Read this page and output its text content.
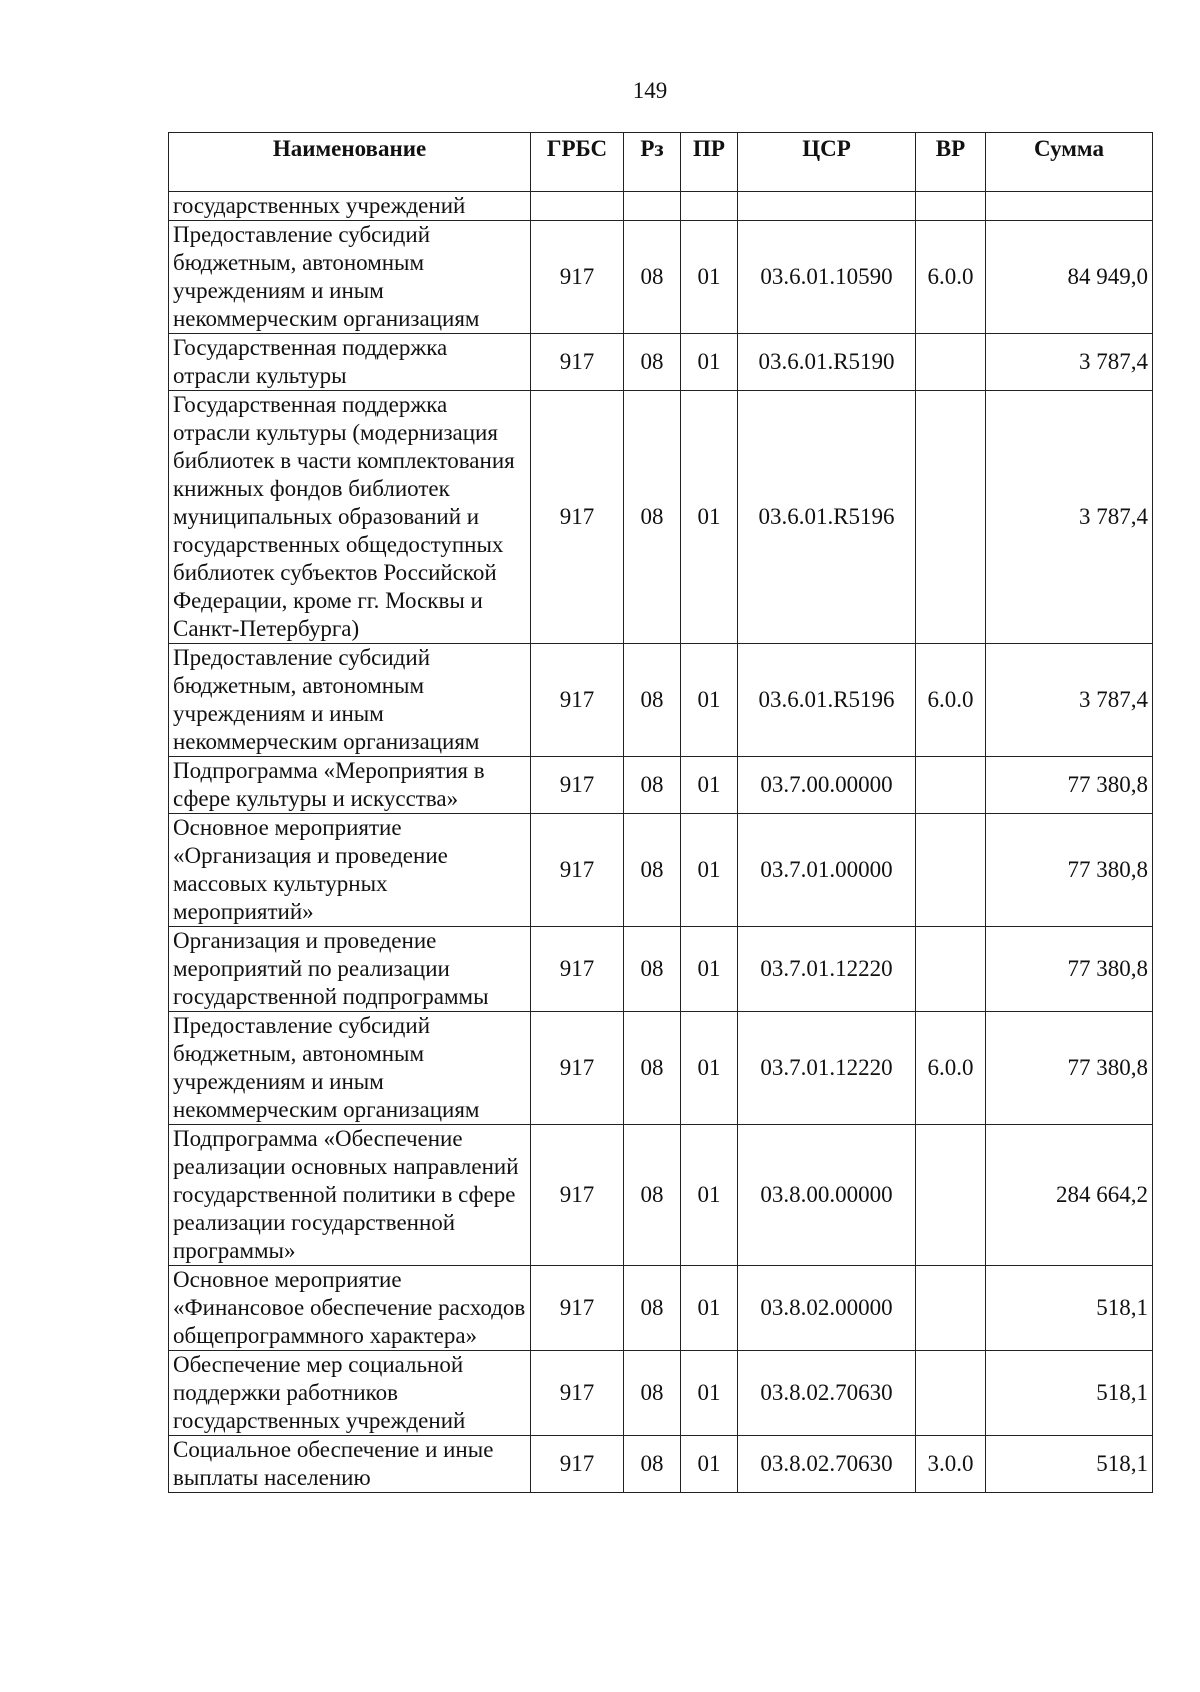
149
Наименование	ГРБС	Рз	ПР	ЦСР	ВР	Сумма
государственных учреждений						
Предоставление субсидий бюджетным, автономным учреждениям и иным некоммерческим организациям	917	08	01	03.6.01.10590	6.0.0	84 949,0
Государственная поддержка отрасли культуры	917	08	01	03.6.01.R5190		3 787,4
Государственная поддержка отрасли культуры (модернизация библиотек в части комплектования книжных фондов библиотек муниципальных образований и государственных общедоступных библиотек субъектов Российской Федерации, кроме гг. Москвы и Санкт-Петербурга)	917	08	01	03.6.01.R5196		3 787,4
Предоставление субсидий бюджетным, автономным учреждениям и иным некоммерческим организациям	917	08	01	03.6.01.R5196	6.0.0	3 787,4
Подпрограмма «Мероприятия в сфере культуры и искусства»	917	08	01	03.7.00.00000		77 380,8
Основное мероприятие «Организация и проведение массовых культурных мероприятий»	917	08	01	03.7.01.00000		77 380,8
Организация и проведение мероприятий по реализации государственной подпрограммы	917	08	01	03.7.01.12220		77 380,8
Предоставление субсидий бюджетным, автономным учреждениям и иным некоммерческим организациям	917	08	01	03.7.01.12220	6.0.0	77 380,8
Подпрограмма «Обеспечение реализации основных направлений государственной политики в сфере реализации государственной программы»	917	08	01	03.8.00.00000		284 664,2
Основное мероприятие «Финансовое обеспечение расходов общепрограммного характера»	917	08	01	03.8.02.00000		518,1
Обеспечение мер социальной поддержки работников государственных учреждений	917	08	01	03.8.02.70630		518,1
Социальное обеспечение и иные выплаты населению	917	08	01	03.8.02.70630	3.0.0	518,1
